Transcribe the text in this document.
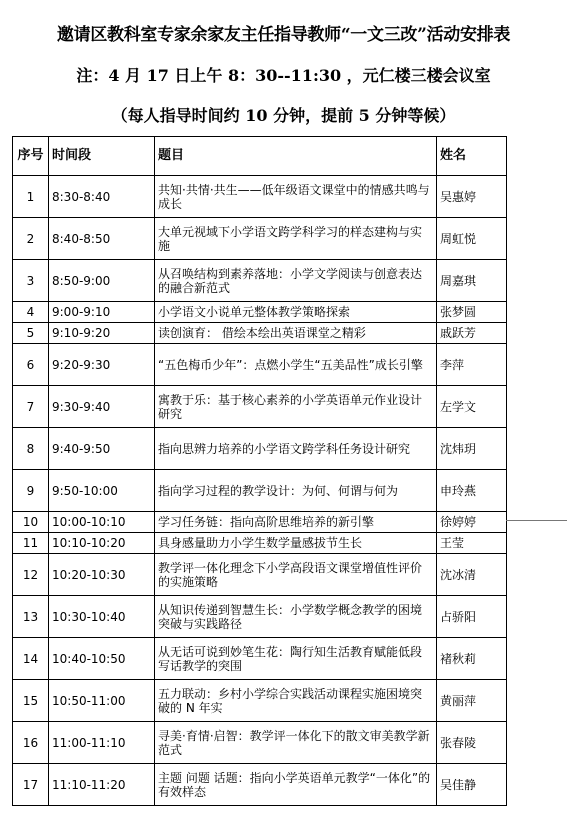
邀请区教科室专家余家友主任指导教师“一文三改”活动安排表
注：4 月 17 日上午 8：30--11:30 ，元仁楼三楼会议室
（每人指导时间约 10 分钟，提前 5 分钟等候）
序号	时间段	题目	姓名
1	8:30-8:40	共知·共情·共生——低年级语文课堂中的情感共鸣与成长	吴惠婷
2	8:40-8:50	大单元视域下小学语文跨学科学习的样态建构与实施	周虹悦
3	8:50-9:00	从召唤结构到素养落地：小学文学阅读与创意表达的融合新范式	周嘉琪
4	9:00-9:10	小学语文小说单元整体教学策略探索	张梦圆
5	9:10-9:20	读创演育： 借绘本绘出英语课堂之精彩	戚跃芳
6	9:20-9:30	“五色梅币少年”：点燃小学生“五美品性”成长引擎	李萍
7	9:30-9:40	寓教于乐：基于核心素养的小学英语单元作业设计研究	左学文
8	9:40-9:50	指向思辨力培养的小学语文跨学科任务设计研究	沈炜玥
9	9:50-10:00	指向学习过程的教学设计：为何、何谓与何为	申玲燕
10	10:00-10:10	学习任务链：指向高阶思维培养的新引擎	徐婷婷
11	10:10-10:20	具身感量助力小学生数学量感拔节生长	王莹
12	10:20-10:30	教学评一体化理念下小学高段语文课堂增值性评价的实施策略	沈冰清
13	10:30-10:40	从知识传递到智慧生长：小学数学概念教学的困境突破与实践路径	占骄阳
14	10:40-10:50	从无话可说到妙笔生花：陶行知生活教育赋能低段写话教学的突围	褚秋莉
15	10:50-11:00	五力联动：乡村小学综合实践活动课程实施困境突破的 N 年实	黄丽萍
16	11:00-11:10	寻美·育情·启智：教学评一体化下的散文审美教学新范式	张春陵
17	11:10-11:20	主题 问题 话题：指向小学英语单元教学“一体化”的有效样态	吴佳静
